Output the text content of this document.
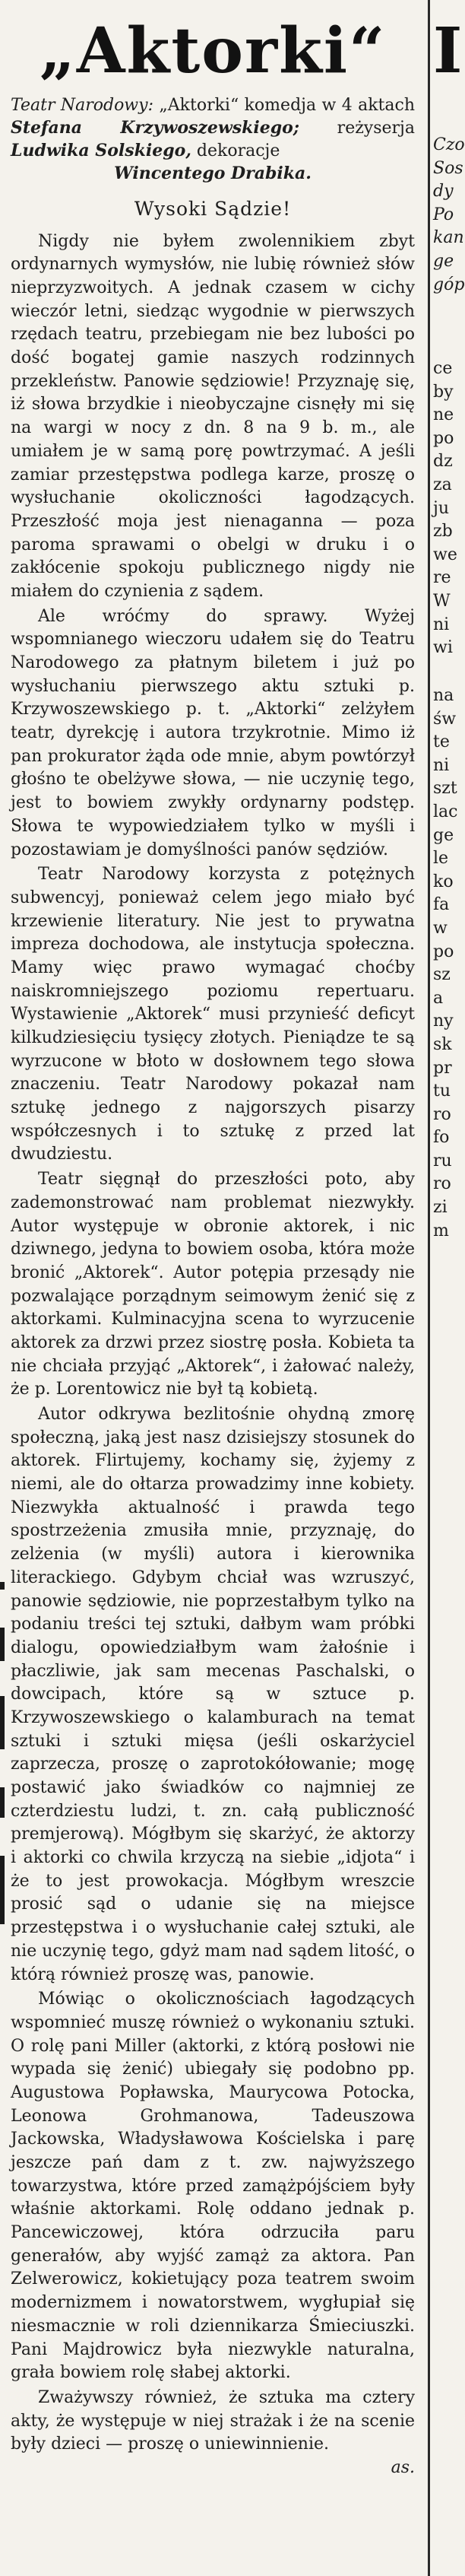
„Aktorki“
Teatr Narodowy: „Aktorki“ komedja w 4 aktach Stefana Krzywoszewskiego; reżyserja Ludwika Solskiego, dekoracje
Wincentego Drabika.
Wysoki Sądzie!

Nigdy nie byłem zwolennikiem zbyt ordynarnych wymysłów, nie lubię również słów nieprzyzwoitych. A jednak czasem w cichy wieczór letni, siedząc wygodnie w pierwszych rzędach teatru, przebiegam nie bez lubości po dość bogatej gamie naszych rodzinnych przekleństw. Panowie sędziowie! Przyznaję się, iż słowa brzydkie i nieobyczajne cisnęły mi się na wargi w nocy z dn. 8 na 9 b. m., ale umiałem je w samą porę powtrzymać. A jeśli zamiar przestępstwa podlega karze, proszę o wysłuchanie okoliczności łagodzących. Przeszłość moja jest nienaganna — poza paroma sprawami o obelgi w druku i o zakłócenie spokoju publicznego nigdy nie miałem do czynienia z sądem.

Ale wróćmy do sprawy. Wyżej wspomnianego wieczoru udałem się do Teatru Narodowego za płatnym biletem i już po wysłuchaniu pierwszego aktu sztuki p. Krzywoszewskiego p. t. „Aktorki“ zelżyłem teatr, dyrekcję i autora trzykrotnie. Mimo iż pan prokurator żąda ode mnie, abym powtórzył głośno te obelżywe słowa, — nie uczynię tego, jest to bowiem zwykły ordynarny podstęp. Słowa te wypowiedziałem tylko w myśli i pozostawiam je domyślności panów sędziów.

Teatr Narodowy korzysta z potężnych subwencyj, ponieważ celem jego miało być krzewienie literatury. Nie jest to prywatna impreza dochodowa, ale instytucja społeczna. Mamy więc prawo wymagać choćby naiskromniejszego poziomu repertuaru. Wystawienie „Aktorek“ musi przynieść deficyt kilkudziesięciu tysięcy złotych. Pieniądze te są wyrzucone w błoto w dosłownem tego słowa znaczeniu. Teatr Narodowy pokazał nam sztukę jednego z najgorszych pisarzy współczesnych i to sztukę z przed lat dwudziestu.

Teatr sięgnął do przeszłości poto, aby zademonstrować nam problemat niezwykły. Autor występuje w obronie aktorek, i nic dziwnego, jedyna to bowiem osoba, która może bronić „Aktorek“. Autor potępia przesądy nie pozwalające porządnym seimowym żenić się z aktorkami. Kulminacyjna scena to wyrzucenie aktorek za drzwi przez siostrę posła. Kobieta ta nie chciała przyjąć „Aktorek“, i żałować należy, że p. Lorentowicz nie był tą kobietą.

Autor odkrywa bezlitośnie ohydną zmorę społeczną, jaką jest nasz dzisiejszy stosunek do aktorek. Flirtujemy, kochamy się, żyjemy z niemi, ale do ołtarza prowadzimy inne kobiety. Niezwykła aktualność i prawda tego spostrzeżenia zmusiła mnie, przyznaję, do zelżenia (w myśli) autora i kierownika literackiego. Gdybym chciał was wzruszyć, panowie sędziowie, nie poprzestałbym tylko na podaniu treści tej sztuki, dałbym wam próbki dialogu, opowiedziałbym wam żałośnie i płaczliwie, jak sam mecenas Paschalski, o dowcipach, które są w sztuce p. Krzywoszewskiego o kalamburach na temat sztuki i sztuki mięsa (jeśli oskarżyciel zaprzecza, proszę o zaprotokółowanie; mogę postawić jako świadków co najmniej ze czterdziestu ludzi, t. zn. całą publiczność premjerową). Mógłbym się skarżyć, że aktorzy i aktorki co chwila krzyczą na siebie „idjota“ i że to jest prowokacja. Mógłbym wreszcie prosić sąd o udanie się na miejsce przestępstwa i o wysłuchanie całej sztuki, ale nie uczynię tego, gdyż mam nad sądem litość, o którą również proszę was, panowie.

Mówiąc o okolicznościach łagodzących wspomnieć muszę również o wykonaniu sztuki. O rolę pani Miller (aktorki, z którą posłowi nie wypada się żenić) ubiegały się podobno pp. Augustowa Popławska, Maurycowa Potocka, Leonowa Grohmanowa, Tadeuszowa Jackowska, Władysławowa Kościelska i parę jeszcze pań dam z t. zw. najwyższego towarzystwa, które przed zamążpójściem były właśnie aktorkami. Rolę oddano jednak p. Pancewiczowej, która odrzuciła paru generałów, aby wyjść zamąż za aktora. Pan Zelwerowicz, kokietujący poza teatrem swoim modernizmem i nowatorstwem, wygłupiał się niesmacznie w roli dziennikarza Śmieciuszki. Pani Majdrowicz była niezwykle naturalna, grała bowiem rolę słabej aktorki.

Zważywszy również, że sztuka ma cztery akty, że występuje w niej strażak i że na scenie były dzieci — proszę o uniewinnienie.

as.
I
Czo
Sos
dy
Po
kan
ge
góp
ce
by
ne
po
dz
za
ju
zb
we
re
W
ni
wi
na
św
te
ni
szt
lac
ge
le
ko
fa
w
po
sz
a
ny
sk
pr
tu
ro
fo
ru
ro
zi
m
